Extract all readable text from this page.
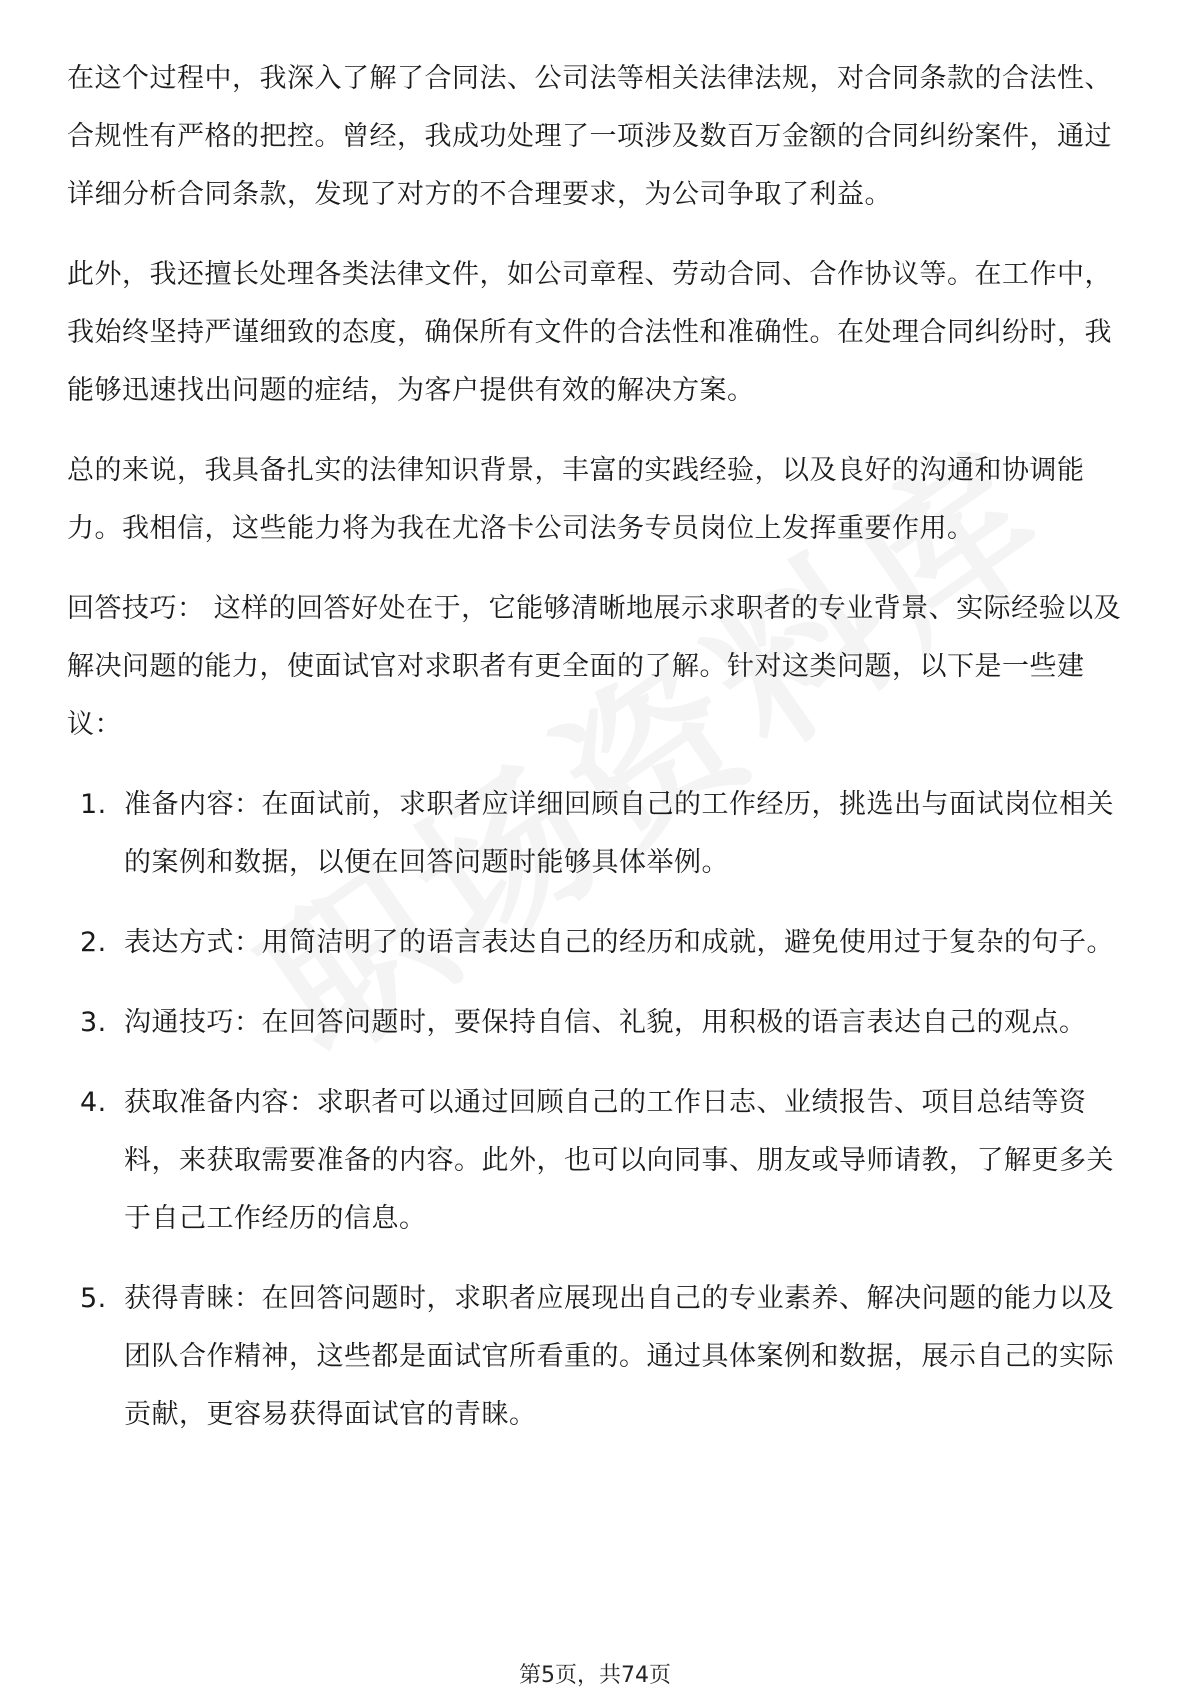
在这个过程中，我深入了解了合同法、公司法等相关法律法规，对合同条款的合法性、合规性有严格的把控。曾经，我成功处理了一项涉及数百万金额的合同纠纷案件，通过详细分析合同条款，发现了对方的不合理要求，为公司争取了利益。

此外，我还擅长处理各类法律文件，如公司章程、劳动合同、合作协议等。在工作中，我始终坚持严谨细致的态度，确保所有文件的合法性和准确性。在处理合同纠纷时，我能够迅速找出问题的症结，为客户提供有效的解决方案。

总的来说，我具备扎实的法律知识背景，丰富的实践经验，以及良好的沟通和协调能力。我相信，这些能力将为我在尤洛卡公司法务专员岗位上发挥重要作用。

回答技巧： 这样的回答好处在于，它能够清晰地展示求职者的专业背景、实际经验以及解决问题的能力，使面试官对求职者有更全面的了解。针对这类问题，以下是一些建议：

1. 准备内容：在面试前，求职者应详细回顾自己的工作经历，挑选出与面试岗位相关的案例和数据，以便在回答问题时能够具体举例。
2. 表达方式：用简洁明了的语言表达自己的经历和成就，避免使用过于复杂的句子。
3. 沟通技巧：在回答问题时，要保持自信、礼貌，用积极的语言表达自己的观点。
4. 获取准备内容：求职者可以通过回顾自己的工作日志、业绩报告、项目总结等资料，来获取需要准备的内容。此外，也可以向同事、朋友或导师请教，了解更多关于自己工作经历的信息。
5. 获得青睐：在回答问题时，求职者应展现出自己的专业素养、解决问题的能力以及团队合作精神，这些都是面试官所看重的。通过具体案例和数据，展示自己的实际贡献，更容易获得面试官的青睐。
第5页，共74页
